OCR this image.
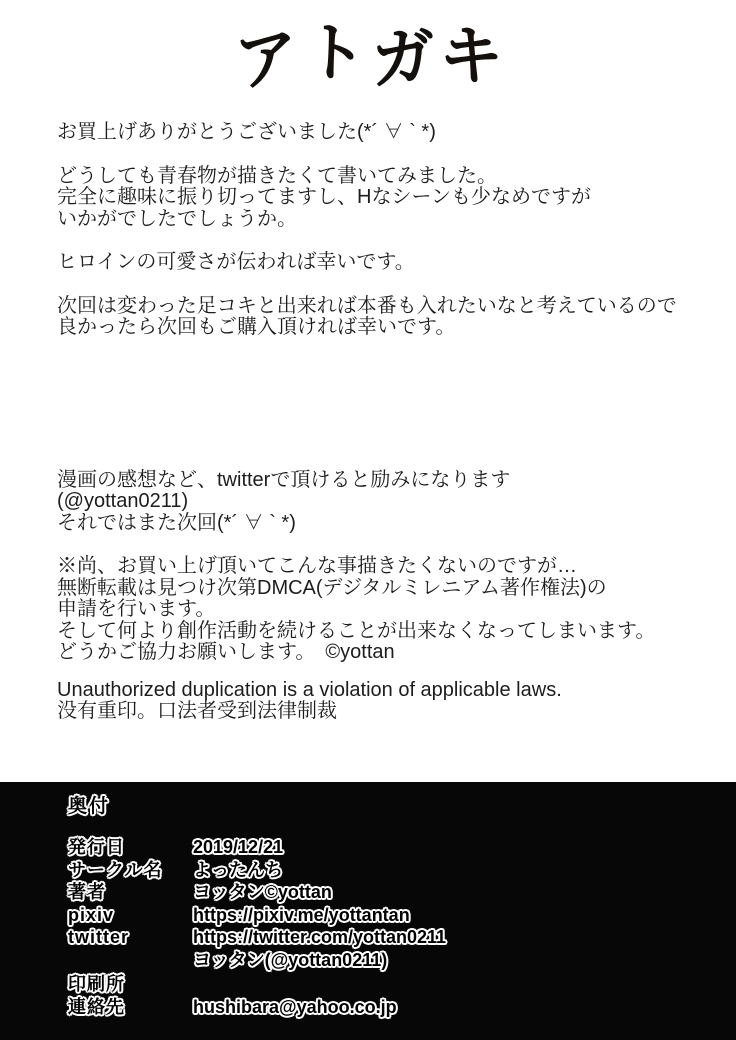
アトガキ

お買上げありがとうございました(*´ ∀ ` *)

どうしても青春物が描きたくて書いてみました。
完全に趣味に振り切ってますし、Hなシーンも少なめですが
いかがでしたでしょうか。

ヒロインの可愛さが伝われば幸いです。

次回は変わった足コキと出来れば本番も入れたいなと考えているので
良かったら次回もご購入頂ければ幸いです。

漫画の感想など、twitterで頂けると励みになります
(@yottan0211)
それではまた次回(*´ ∀ ` *)

※尚、お買い上げ頂いてこんな事描きたくないのですが…
無断転載は見つけ次第DMCA(デジタルミレニアム著作権法)の
申請を行います。
そして何より創作活動を続けることが出来なくなってしまいます。
どうかご協力お願いします。　©yottan

Unauthorized duplication is a violation of applicable laws.
没有重印。口法者受到法律制裁

奥付
発行日	2019/12/21
サークル名	よったんち
著者	ヨッタン©yottan
pixiv	https://pixiv.me/yottantan
twitter	https://twitter.com/yottan0211
ヨッタン(@yottan0211)
印刷所
連絡先	hushibara@yahoo.co.jp
